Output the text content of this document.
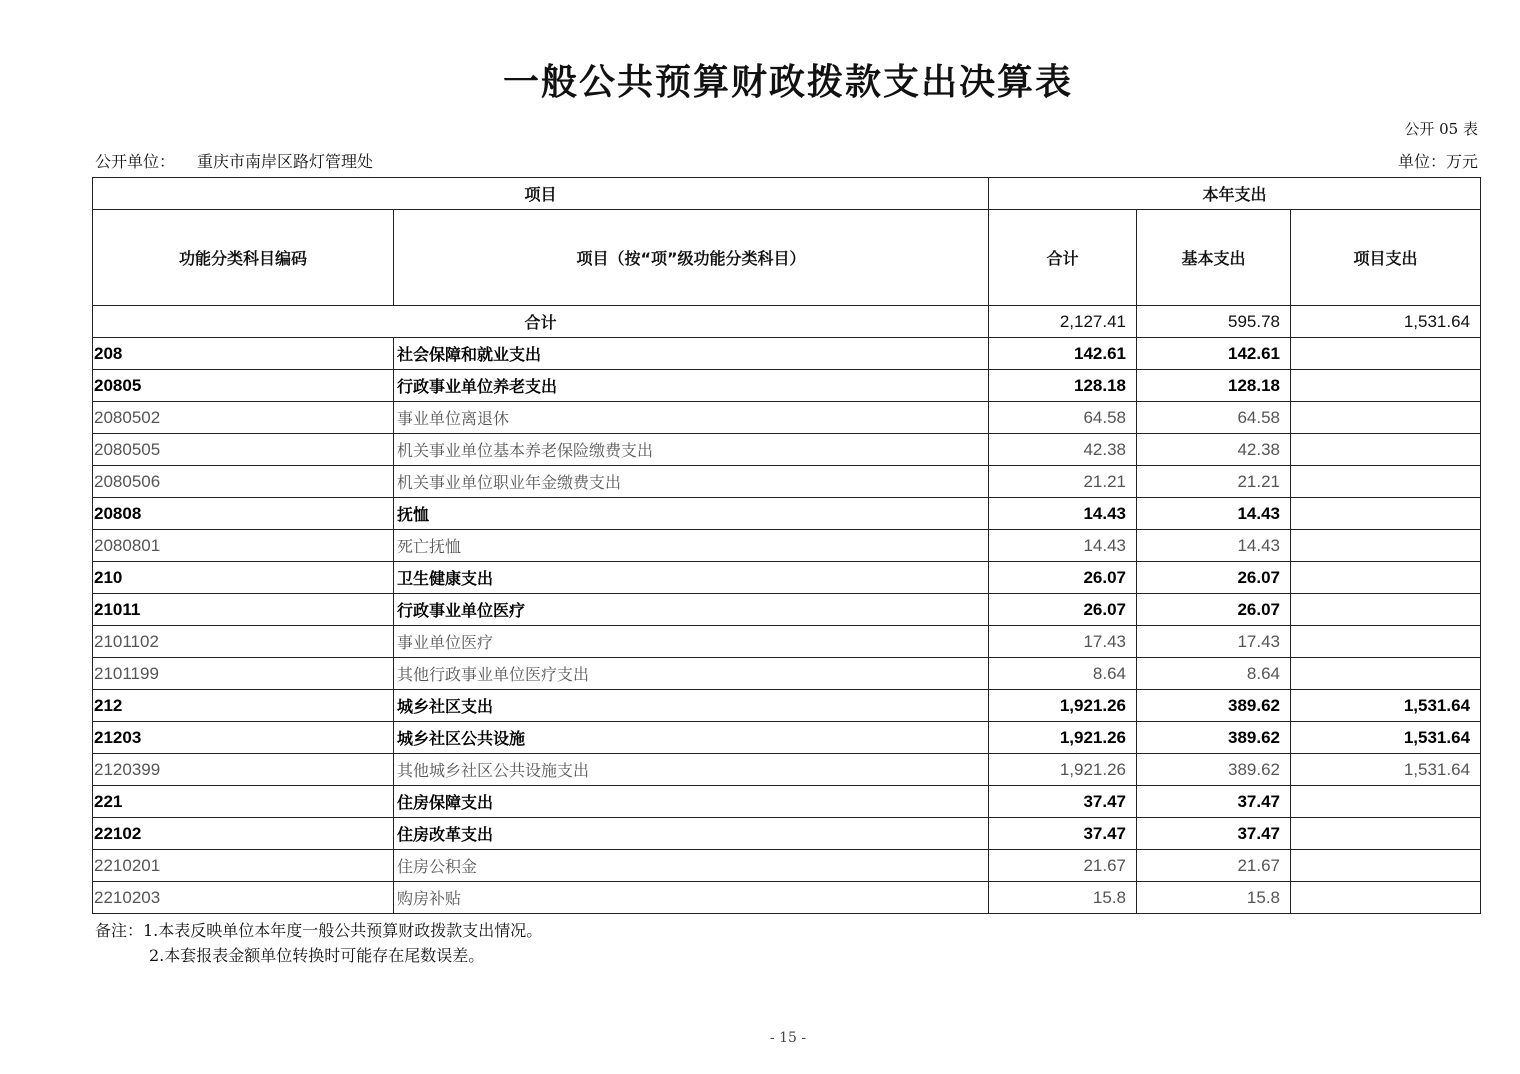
一般公共预算财政拨款支出决算表
公开 05 表
公开单位： 重庆市南岸区路灯管理处	单位：万元
项目		本年支出		
功能分类科目编码	项目（按“项”级功能分类科目）	合计	基本支出	项目支出
合计		2,127.41	595.78	1,531.64
208	社会保障和就业支出	142.61	142.61	
20805	行政事业单位养老支出	128.18	128.18	
2080502	事业单位离退休	64.58	64.58	
2080505	机关事业单位基本养老保险缴费支出	42.38	42.38	
2080506	机关事业单位职业年金缴费支出	21.21	21.21	
20808	抚恤	14.43	14.43	
2080801	死亡抚恤	14.43	14.43	
210	卫生健康支出	26.07	26.07	
21011	行政事业单位医疗	26.07	26.07	
2101102	事业单位医疗	17.43	17.43	
2101199	其他行政事业单位医疗支出	8.64	8.64	
212	城乡社区支出	1,921.26	389.62	1,531.64
21203	城乡社区公共设施	1,921.26	389.62	1,531.64
2120399	其他城乡社区公共设施支出	1,921.26	389.62	1,531.64
221	住房保障支出	37.47	37.47	
22102	住房改革支出	37.47	37.47	
2210201	住房公积金	21.67	21.67	
2210203	购房补贴	15.8	15.8	
备注：1.本表反映单位本年度一般公共预算财政拨款支出情况。
2.本套报表金额单位转换时可能存在尾数误差。
- 15 -
